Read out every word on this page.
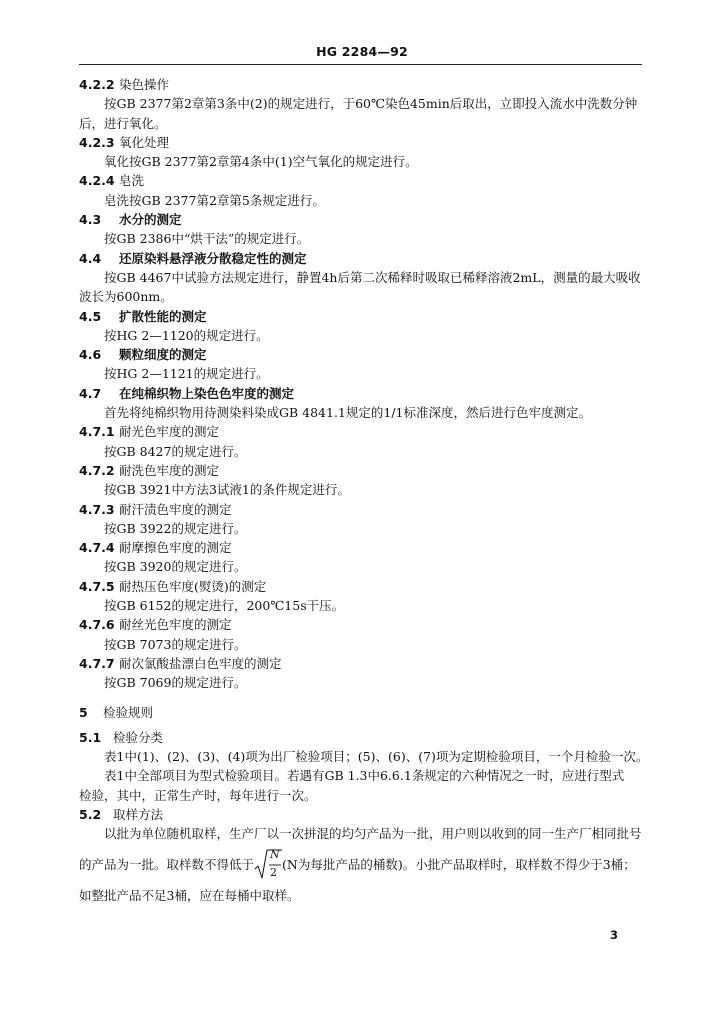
HG 2284—92
4.2.2 染色操作
按GB 2377第2章第3条中(2)的规定进行，于60℃染色45min后取出，立即投入流水中洗数分钟
后，进行氧化。
4.2.3 氧化处理
氧化按GB 2377第2章第4条中(1)空气氧化的规定进行。
4.2.4 皂洗
皂洗按GB 2377第2章第5条规定进行。
4.3 水分的测定
按GB 2386中“烘干法”的规定进行。
4.4 还原染料悬浮液分散稳定性的测定
按GB 4467中试验方法规定进行，静置4h后第二次稀释时吸取已稀释溶液2mL，测量的最大吸收
波长为600nm。
4.5 扩散性能的测定
按HG 2—1120的规定进行。
4.6 颗粒细度的测定
按HG 2—1121的规定进行。
4.7 在纯棉织物上染色色牢度的测定
首先将纯棉织物用待测染料染成GB 4841.1规定的1/1标准深度，然后进行色牢度测定。
4.7.1 耐光色牢度的测定
按GB 8427的规定进行。
4.7.2 耐洗色牢度的测定
按GB 3921中方法3试液1的条件规定进行。
4.7.3 耐汗渍色牢度的测定
按GB 3922的规定进行。
4.7.4 耐摩擦色牢度的测定
按GB 3920的规定进行。
4.7.5 耐热压色牢度(熨烫)的测定
按GB 6152的规定进行，200℃15s干压。
4.7.6 耐丝光色牢度的测定
按GB 7073的规定进行。
4.7.7 耐次氯酸盐漂白色牢度的测定
按GB 7069的规定进行。
5 检验规则
5.1 检验分类
表1中(1)、(2)、(3)、(4)项为出厂检验项目；(5)、(6)、(7)项为定期检验项目，一个月检验一次。
表1中全部项目为型式检验项目。若遇有GB 1.3中6.6.1条规定的六种情况之一时，应进行型式
检验，其中，正常生产时，每年进行一次。
5.2 取样方法
以批为单位随机取样，生产厂以一次拼混的均匀产品为一批，用户则以收到的同一生产厂相同批号
的产品为一批。取样数不得低于
N
2
(N为每批产品的桶数)。小批产品取样时，取样数不得少于3桶；
如整批产品不足3桶，应在每桶中取样。
3
